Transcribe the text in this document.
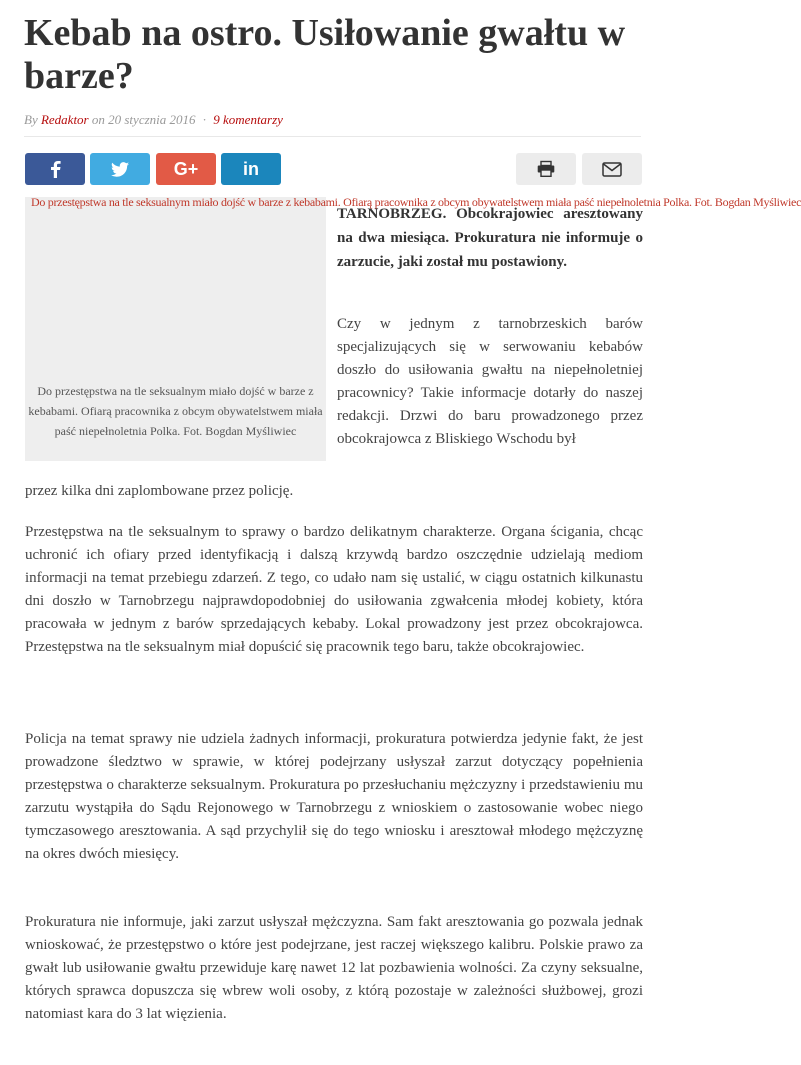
Kebab na ostro. Usiłowanie gwałtu w barze?
By Redaktor on 20 stycznia 2016 · 9 komentarzy
G+ in
Do przestępstwa na tle seksualnym miało dojść w barze z kebabami. Ofiarą pracownika z obcym obywatelstwem miała paść niepełnoletnia Polka. Fot. Bogdan Myśliwiec
Do przestępstwa na tle seksualnym miało dojść w barze z kebabami. Ofiarą pracownika z obcym obywatelstwem miała paść niepełnoletnia Polka. Fot. Bogdan Myśliwiec

TARNOBRZEG. Obcokrajowiec aresztowany na dwa miesiąca. Prokuratura nie informuje o zarzucie, jaki został mu postawiony.

Czy w jednym z tarnobrzeskich barów specjalizujących się w serwowaniu kebabów doszło do usiłowania gwałtu na niepełnoletniej pracownicy? Takie informacje dotarły do naszej redakcji. Drzwi do baru prowadzonego przez obcokrajowca z Bliskiego Wschodu był

przez kilka dni zaplombowane przez policję.

Przestępstwa na tle seksualnym to sprawy o bardzo delikatnym charakterze. Organa ścigania, chcąc uchronić ich ofiary przed identyfikacją i dalszą krzywdą bardzo oszczędnie udzielają mediom informacji na temat przebiegu zdarzeń. Z tego, co udało nam się ustalić, w ciągu ostatnich kilkunastu dni doszło w Tarnobrzegu najprawdopodobniej do usiłowania zgwałcenia młodej kobiety, która pracowała w jednym z barów sprzedających kebaby. Lokal prowadzony jest przez obcokrajowca. Przestępstwa na tle seksualnym miał dopuścić się pracownik tego baru, także obcokrajowiec.

Policja na temat sprawy nie udziela żadnych informacji, prokuratura potwierdza jedynie fakt, że jest prowadzone śledztwo w sprawie, w której podejrzany usłyszał zarzut dotyczący popełnienia przestępstwa o charakterze seksualnym. Prokuratura po przesłuchaniu mężczyzny i przedstawieniu mu zarzutu wystąpiła do Sądu Rejonowego w Tarnobrzegu z wnioskiem o zastosowanie wobec niego tymczasowego aresztowania. A sąd przychylił się do tego wniosku i aresztował młodego mężczyznę na okres dwóch miesięcy.

Prokuratura nie informuje, jaki zarzut usłyszał mężczyzna. Sam fakt aresztowania go pozwala jednak wnioskować, że przestępstwo o które jest podejrzane, jest raczej większego kalibru. Polskie prawo za gwałt lub usiłowanie gwałtu przewiduje karę nawet 12 lat pozbawienia wolności. Za czyny seksualne, których sprawca dopuszcza się wbrew woli osoby, z którą pozostaje w zależności służbowej, grozi natomiast kara do 3 lat więzienia.
